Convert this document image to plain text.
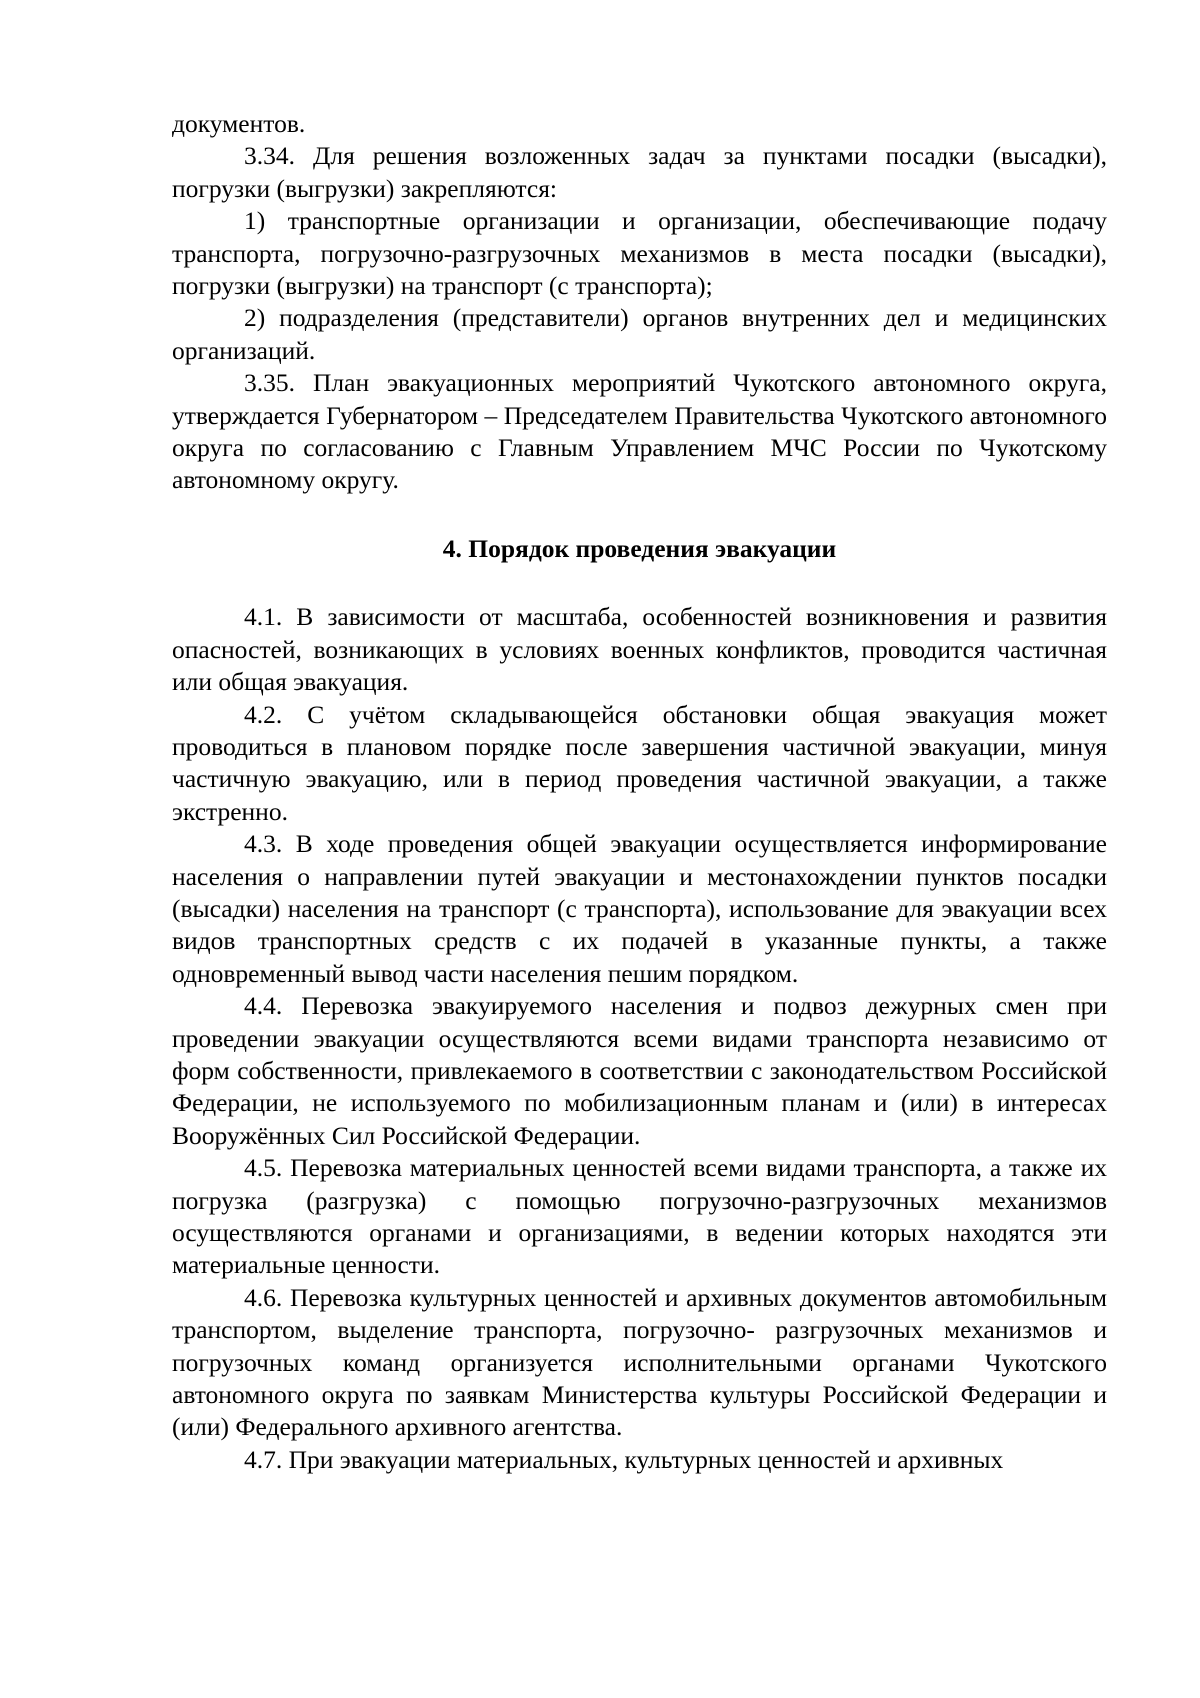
документов.

3.34. Для решения возложенных задач за пунктами посадки (высадки), погрузки (выгрузки) закрепляются:

1) транспортные организации и организации, обеспечивающие подачу транспорта, погрузочно-разгрузочных механизмов в места посадки (высадки), погрузки (выгрузки) на транспорт (с транспорта);

2) подразделения (представители) органов внутренних дел и медицинских организаций.

3.35. План эвакуационных мероприятий Чукотского автономного округа, утверждается Губернатором – Председателем Правительства Чукотского автономного округа по согласованию с Главным Управлением МЧС России по Чукотскому автономному округу.

4. Порядок проведения эвакуации

4.1. В зависимости от масштаба, особенностей возникновения и развития опасностей, возникающих в условиях военных конфликтов, проводится частичная или общая эвакуация.

4.2. С учётом складывающейся обстановки общая эвакуация может проводиться в плановом порядке после завершения частичной эвакуации, минуя частичную эвакуацию, или в период проведения частичной эвакуации, а также экстренно.

4.3. В ходе проведения общей эвакуации осуществляется информирование населения о направлении путей эвакуации и местонахождении пунктов посадки (высадки) населения на транспорт (с транспорта), использование для эвакуации всех видов транспортных средств с их подачей в указанные пункты, а также одновременный вывод части населения пешим порядком.

4.4. Перевозка эвакуируемого населения и подвоз дежурных смен при проведении эвакуации осуществляются всеми видами транспорта независимо от форм собственности, привлекаемого в соответствии с законодательством Российской Федерации, не используемого по мобилизационным планам и (или) в интересах Вооружённых Сил Российской Федерации.

4.5. Перевозка материальных ценностей всеми видами транспорта, а также их погрузка (разгрузка) с помощью погрузочно-разгрузочных механизмов осуществляются органами и организациями, в ведении которых находятся эти материальные ценности.

4.6. Перевозка культурных ценностей и архивных документов автомобильным транспортом, выделение транспорта, погрузочно- разгрузочных механизмов и погрузочных команд организуется исполнительными органами Чукотского автономного округа по заявкам Министерства культуры Российской Федерации и (или) Федерального архивного агентства.

4.7. При эвакуации материальных, культурных ценностей и архивных
